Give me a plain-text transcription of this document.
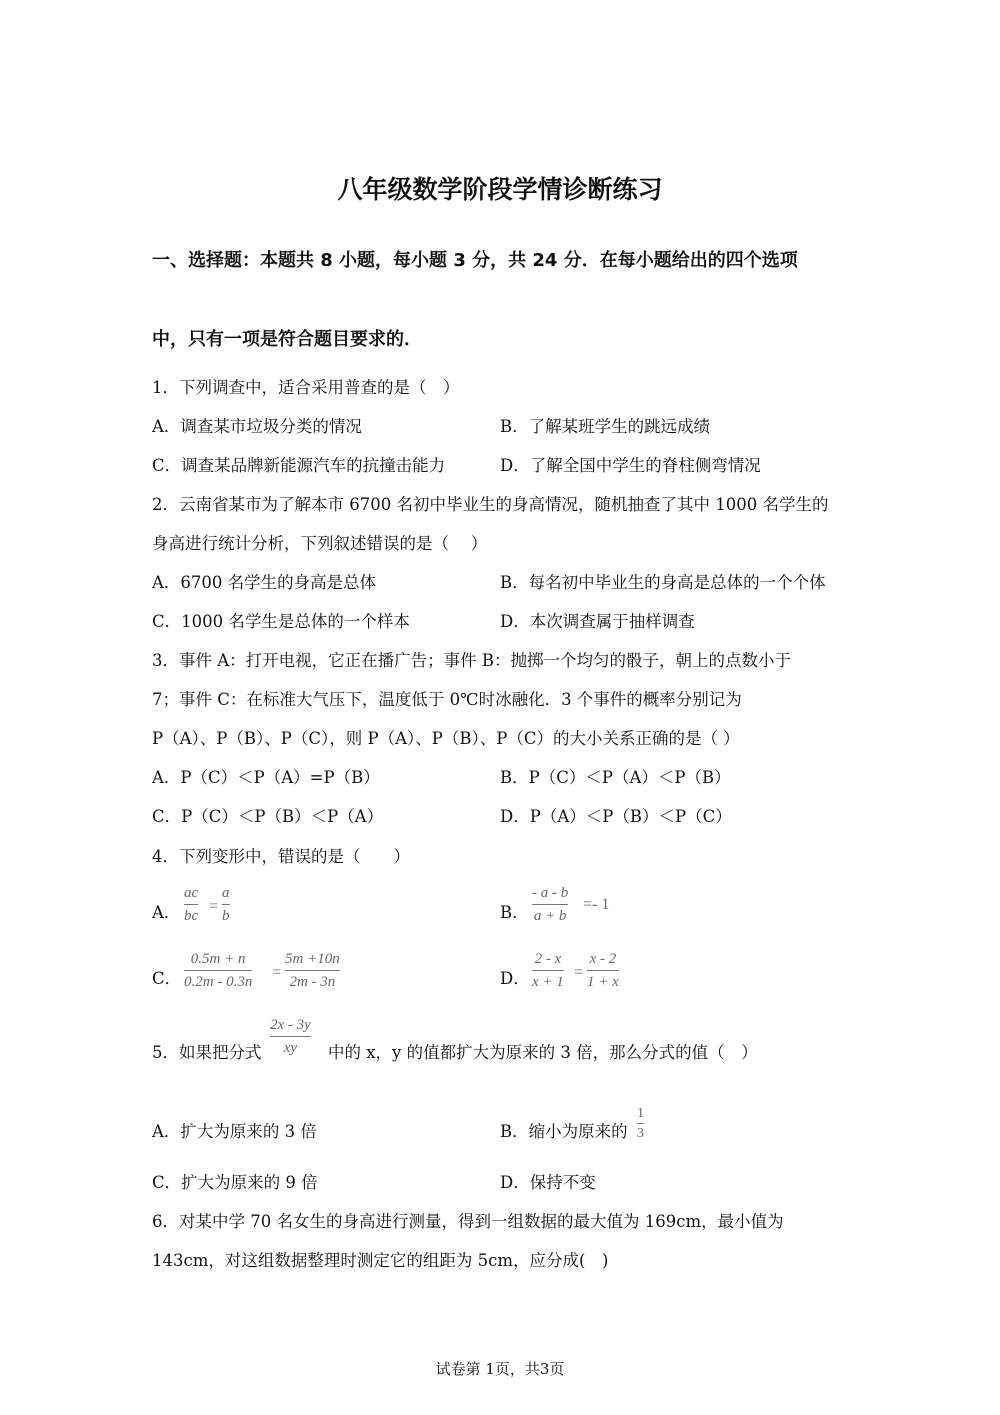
八年级数学阶段学情诊断练习
一、选择题：本题共 8 小题，每小题 3 分，共 24 分．在每小题给出的四个选项
中，只有一项是符合题目要求的．
1．下列调查中，适合采用普查的是（　）
A．调查某市垃圾分类的情况	B．了解某班学生的跳远成绩
C．调查某品牌新能源汽车的抗撞击能力	D．了解全国中学生的脊柱侧弯情况
2．云南省某市为了解本市 6700 名初中毕业生的身高情况，随机抽查了其中 1000 名学生的
身高进行统计分析，下列叙述错误的是（　 ）
A．6700 名学生的身高是总体	B．每名初中毕业生的身高是总体的一个个体
C．1000 名学生是总体的一个样本	D．本次调查属于抽样调查
3．事件 A：打开电视，它正在播广告；事件 B：抛掷一个均匀的骰子，朝上的点数小于
7；事件 C：在标准大气压下，温度低于 0℃时冰融化．3 个事件的概率分别记为
P（A）、P（B）、P（C），则 P（A）、P（B）、P（C）的大小关系正确的是（ ）
A．P（C）＜P（A）=P（B）	B．P（C）＜P（A）＜P（B）
C．P（C）＜P（B）＜P（A）	D．P（A）＜P（B）＜P（C）
4．下列变形中，错误的是（　　）
A．
ac
bc
=
a
b	B．
- a - b
a + b
=- 1
C．
0.5m + n
0.2m - 0.3n
=
5m +10n
2m - 3n	D．
2 - x
x + 1
=
x - 2
1 + x
5．如果把分式
2x - 3y
xy 中的 x，y 的值都扩大为原来的 3 倍，那么分式的值（　）
A．扩大为原来的 3 倍	B．缩小为原来的
1
3
C．扩大为原来的 9 倍	D．保持不变
6．对某中学 70 名女生的身高进行测量，得到一组数据的最大值为 169cm，最小值为
143cm，对这组数据整理时测定它的组距为 5cm，应分成(　)
试卷第 1页，共3页
